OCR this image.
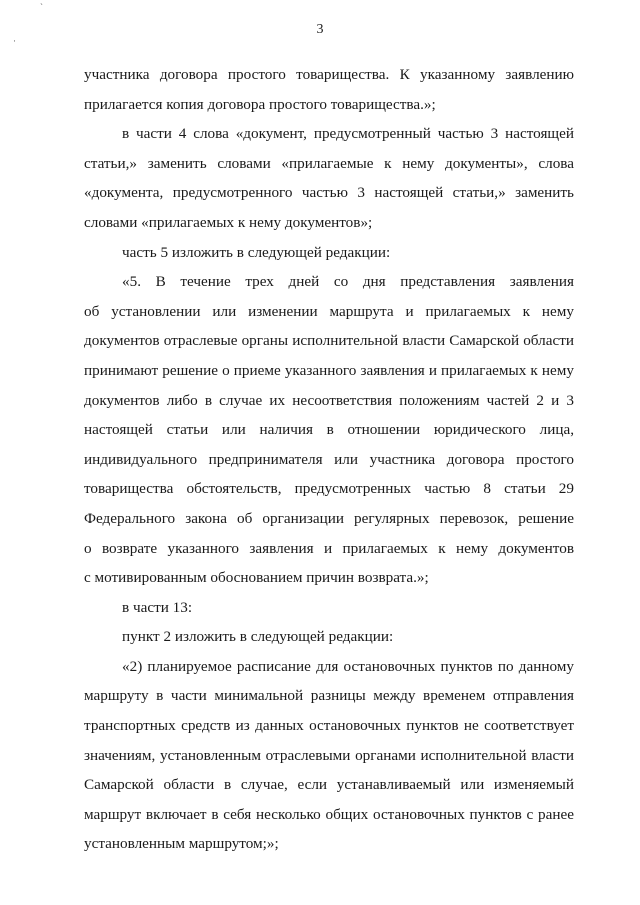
ˋ
·
3
участника договора простого товарищества. К указанному заявлению
прилагается копия договора простого товарищества.»;
в части 4 слова «документ, предусмотренный частью 3 настоящей
статьи,» заменить словами «прилагаемые к нему документы», слова
«документа, предусмотренного частью 3 настоящей статьи,» заменить
словами «прилагаемых к нему документов»;
часть 5 изложить в следующей редакции:
«5. В течение трех дней со дня представления заявления
об установлении или изменении маршрута и прилагаемых к нему
документов отраслевые органы исполнительной власти Самарской области
принимают решение о приеме указанного заявления и прилагаемых к нему
документов либо в случае их несоответствия положениям частей 2 и 3
настоящей статьи или наличия в отношении юридического лица,
индивидуального предпринимателя или участника договора простого
товарищества обстоятельств, предусмотренных частью 8 статьи 29
Федерального закона об организации регулярных перевозок, решение
о возврате указанного заявления и прилагаемых к нему документов
с мотивированным обоснованием причин возврата.»;
в части 13:
пункт 2 изложить в следующей редакции:
«2) планируемое расписание для остановочных пунктов по данному
маршруту в части минимальной разницы между временем отправления
транспортных средств из данных остановочных пунктов не соответствует
значениям, установленным отраслевыми органами исполнительной власти
Самарской области в случае, если устанавливаемый или изменяемый
маршрут включает в себя несколько общих остановочных пунктов с ранее
установленным маршрутом;»;
